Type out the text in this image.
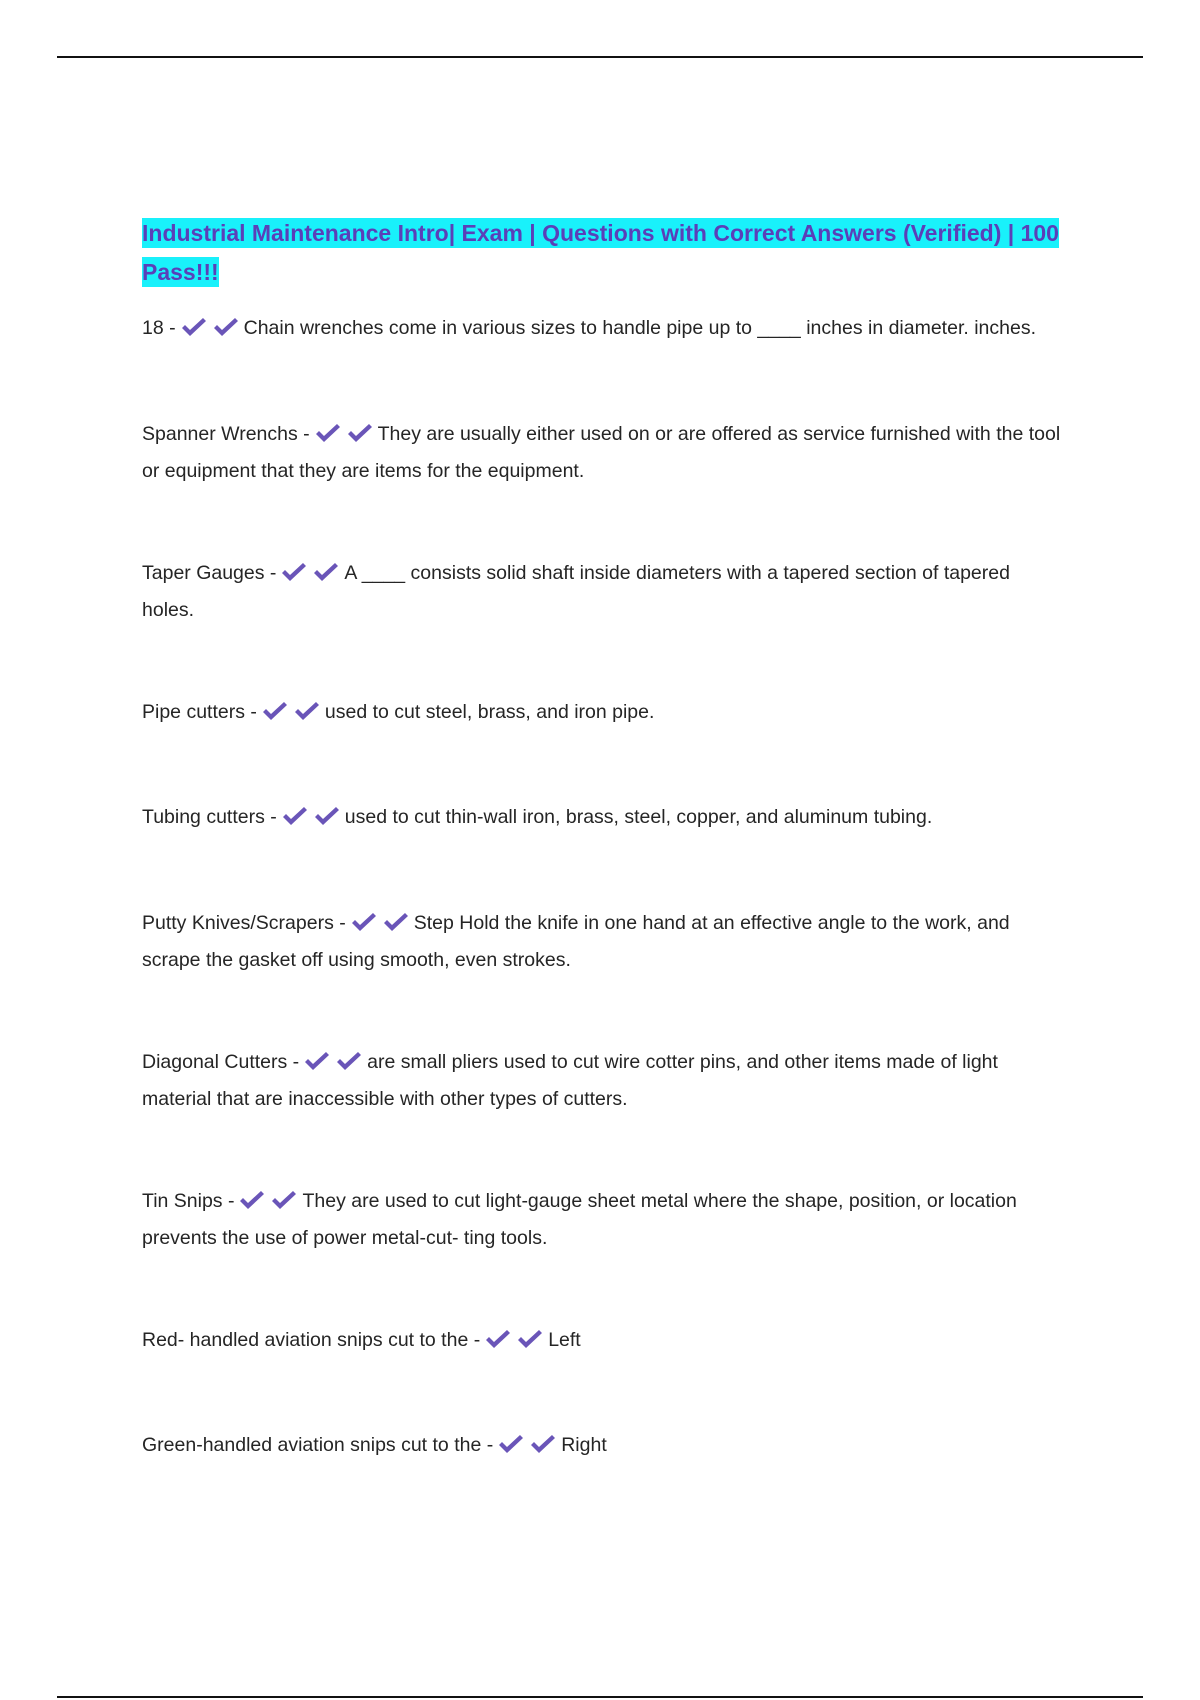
Industrial Maintenance Intro| Exam | Questions with Correct Answers (Verified) | 100 Pass!!!

18 -	Chain wrenches come in various sizes to handle pipe up to ____ inches in diameter. inches.

Spanner Wrenchs -	They are usually either used on or are offered as service furnished with the tool or equipment that they are items for the equipment.

Taper Gauges -	A ____ consists solid shaft inside diameters with a tapered section of tapered holes.

Pipe cutters -	used to cut steel, brass, and iron pipe.

Tubing cutters -	used to cut thin-wall iron, brass, steel, copper, and aluminum tubing.

Putty Knives/Scrapers -	Step Hold the knife in one hand at an effective angle to the work, and scrape the gasket off using smooth, even strokes.

Diagonal Cutters -	are small pliers used to cut wire cotter pins, and other items made of light material that are inaccessible with other types of cutters.

Tin Snips -	They are used to cut light-gauge sheet metal where the shape, position, or location prevents the use of power metal-cut- ting tools.

Red- handled aviation snips cut to the -	Left

Green-handled aviation snips cut to the -	Right
